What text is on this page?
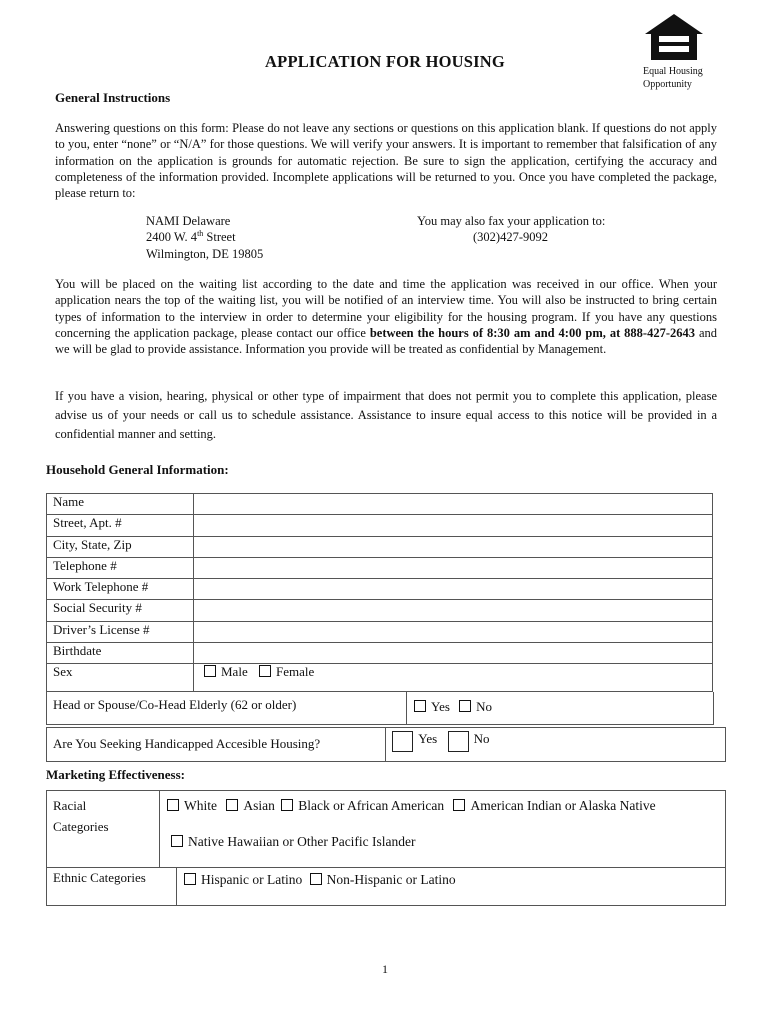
APPLICATION FOR HOUSING
Equal Housing
Opportunity
General Instructions
Answering questions on this form: Please do not leave any sections or questions on this application blank. If questions do not apply to you, enter “none” or “N/A” for those questions. We will verify your answers. It is important to remember that falsification of any information on the application is grounds for automatic rejection. Be sure to sign the application, certifying the accuracy and completeness of the information provided. Incomplete applications will be returned to you. Once you have completed the package, please return to:
NAMI Delaware
2400 W. 4th Street
Wilmington, DE 19805
You may also fax your application to:
(302)427-9092
You will be placed on the waiting list according to the date and time the application was received in our office. When your application nears the top of the waiting list, you will be notified of an interview time. You will also be instructed to bring certain types of information to the interview in order to determine your eligibility for the housing program. If you have any questions concerning the application package, please contact our office between the hours of 8:30 am and 4:00 pm, at 888-427-2643 and we will be glad to provide assistance. Information you provide will be treated as confidential by Management.
If you have a vision, hearing, physical or other type of impairment that does not permit you to complete this application, please advise us of your needs or call us to schedule assistance. Assistance to insure equal access to this notice will be provided in a confidential manner and setting.
Household General Information:
Name	
Street, Apt. #	
City, State, Zip	
Telephone #	
Work Telephone #	
Social Security #	
Driver’s License #	
Birthdate	
Sex	Male Female
Head or Spouse/Co-Head Elderly (62 or older)	Yes No
Are You Seeking Handicapped Accesible Housing?	Yes	No
Marketing Effectiveness:
Racial
Categories
White Asian Black or African American American Indian or Alaska Native
Native Hawaiian or Other Pacific Islander
Ethnic Categories	Hispanic or Latino Non-Hispanic or Latino
1
